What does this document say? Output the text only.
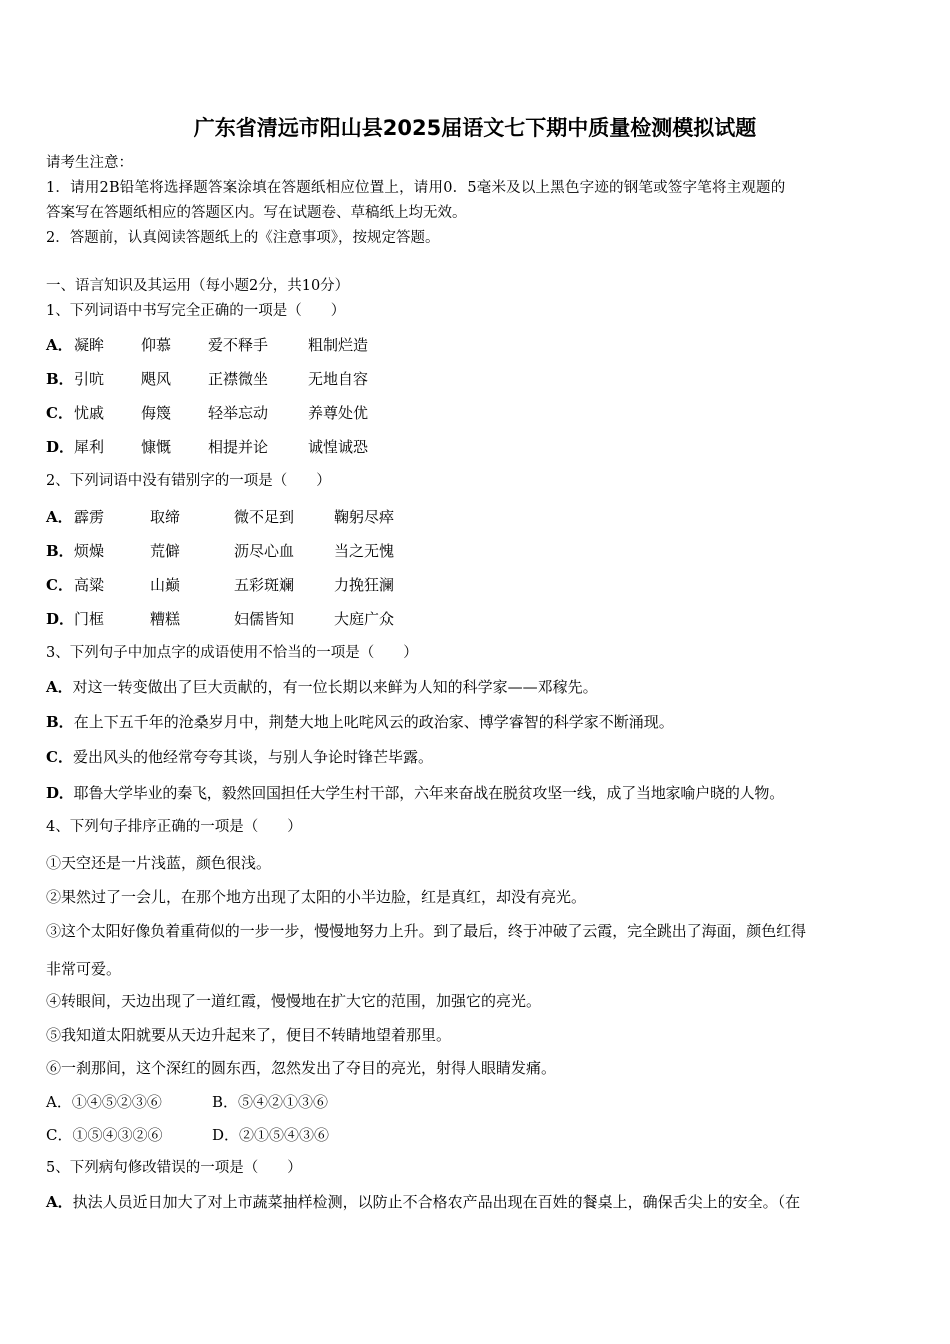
广东省清远市阳山县2025届语文七下期中质量检测模拟试题
请考生注意：
1．请用2B铅笔将选择题答案涂填在答题纸相应位置上，请用0．5毫米及以上黑色字迹的钢笔或签字笔将主观题的
答案写在答题纸相应的答题区内。写在试题卷、草稿纸上均无效。
2．答题前，认真阅读答题纸上的《注意事项》，按规定答题。
一、语言知识及其运用（每小题2分，共10分）
1、下列词语中书写完全正确的一项是（　　）
A． 凝眸 仰慕 爱不释手	粗制烂造
B． 引吭 飓风 正襟微坐	无地自容
C． 忧戚 侮篾 轻举忘动	养尊处优
D． 犀利 慷慨 相提并论	诚惶诚恐
2、下列词语中没有错别字的一项是（　　）
A． 霹雳	取缔	微不足到	鞠躬尽瘁
B． 烦燥	荒僻	沥尽心血	当之无愧
C． 高粱	山巅	五彩斑斓	力挽狂澜
D． 门框	糟糕	妇儒皆知	大庭广众
3、下列句子中加点字的成语使用不恰当的一项是（　　）
A．对这一转变做出了巨大贡献的，有一位长期以来鲜为人知的科学家——邓稼先。
B．在上下五千年的沧桑岁月中，荆楚大地上叱咤风云的政治家、博学睿智的科学家不断涌现。
C．爱出风头的他经常夸夸其谈，与别人争论时锋芒毕露。
D．耶鲁大学毕业的秦飞，毅然回国担任大学生村干部，六年来奋战在脱贫攻坚一线，成了当地家喻户晓的人物。
4、下列句子排序正确的一项是（　　）
①天空还是一片浅蓝，颜色很浅。
②果然过了一会儿，在那个地方出现了太阳的小半边脸，红是真红，却没有亮光。
③这个太阳好像负着重荷似的一步一步，慢慢地努力上升。到了最后，终于冲破了云霞，完全跳出了海面，颜色红得
非常可爱。
④转眼间，天边出现了一道红霞，慢慢地在扩大它的范围，加强它的亮光。
⑤我知道太阳就要从天边升起来了，便目不转睛地望着那里。
⑥一刹那间，这个深红的圆东西，忽然发出了夺目的亮光，射得人眼睛发痛。
A．①④⑤②③⑥	B．⑤④②①③⑥
C．①⑤④③②⑥	D．②①⑤④③⑥
5、下列病句修改错误的一项是（　　）
A．执法人员近日加大了对上市蔬菜抽样检测，以防止不合格农产品出现在百姓的餐桌上，确保舌尖上的安全。（在
